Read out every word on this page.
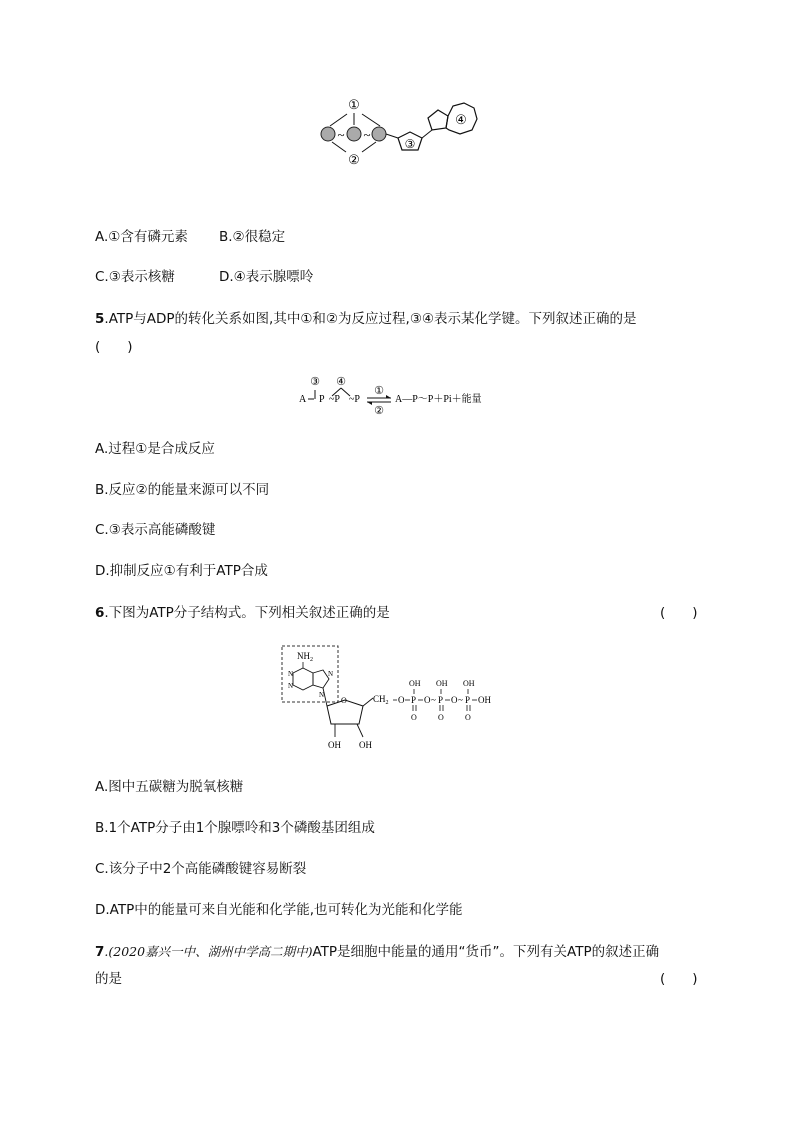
①
~ ~
②
③
④
A.①含有磷元素 B.②很稳定
C.③表示核糖	D.④表示腺嘌呤
5.ATP与ADP的转化关系如图,其中①和②为反应过程,③④表示某化学键。下列叙述正确的是
(　　)
③ ④
A P ~P ~P
①
②
A—P～P＋Pi＋能量
A.过程①是合成反应
B.反应②的能量来源可以不同
C.③表示高能磷酸键
D.抑制反应①有利于ATP合成
6.下图为ATP分子结构式。下列相关叙述正确的是	(　　)
$NH_2$
N
N
N
N
O
OH OH
$CH_2$ O P
OH
O
O ~ P
OH
O
O ~ P
OH
O
OH
A.图中五碳糖为脱氧核糖
B.1个ATP分子由1个腺嘌呤和3个磷酸基团组成
C.该分子中2个高能磷酸键容易断裂
D.ATP中的能量可来自光能和化学能,也可转化为光能和化学能
7.(2020嘉兴一中、湖州中学高二期中)ATP是细胞中能量的通用“货币”。下列有关ATP的叙述正确
的是	(　　)
